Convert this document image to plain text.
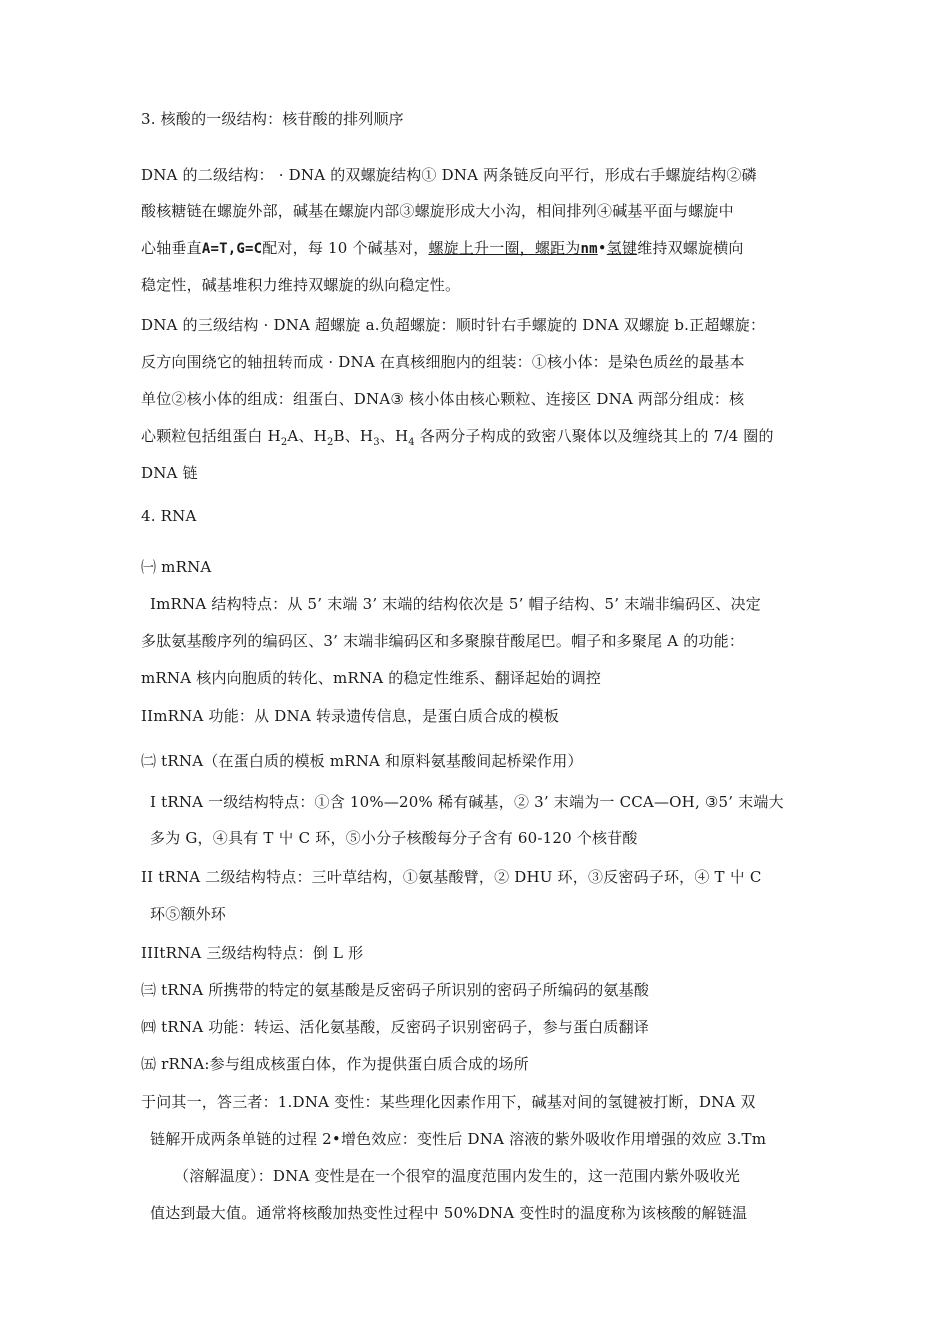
3. 核酸的一级结构：核苷酸的排列顺序
DNA 的二级结构： · DNA 的双螺旋结构① DNA 两条链反向平行，形成右手螺旋结构②磷
酸核糖链在螺旋外部，碱基在螺旋内部③螺旋形成大小沟，相间排列④碱基平面与螺旋中
心轴垂直A=T,G=C配对，每 10 个碱基对，螺旋上升一圈，螺距为nm•氢键维持双螺旋横向
稳定性，碱基堆积力维持双螺旋的纵向稳定性。
DNA 的三级结构 · DNA 超螺旋 a.负超螺旋：顺时针右手螺旋的 DNA 双螺旋 b.正超螺旋：
反方向围绕它的轴扭转而成 · DNA 在真核细胞内的组装：①核小体：是染色质丝的最基本
单位②核小体的组成：组蛋白、DNA③ 核小体由核心颗粒、连接区 DNA 两部分组成：核
心颗粒包括组蛋白 $H_2A$、$H_2B$、$H_3$、$H_4$ 各两分子构成的致密八聚体以及缠绕其上的 7/4 圈的
DNA 链
4. RNA
㈠ mRNA
ⅠmRNA 结构特点：从 5’ 末端 3’ 末端的结构依次是 5’ 帽子结构、5’ 末端非编码区、决定
多肽氨基酸序列的编码区、3’ 末端非编码区和多聚腺苷酸尾巴。帽子和多聚尾 A 的功能：
mRNA 核内向胞质的转化、mRNA 的稳定性维系、翻译起始的调控
IImRNA 功能：从 DNA 转录遗传信息，是蛋白质合成的模板
㈡ tRNA（在蛋白质的模板 mRNA 和原料氨基酸间起桥梁作用）
I tRNA 一级结构特点：①含 10%—20% 稀有碱基，② 3’ 末端为一 CCA—OH, ③5’ 末端大
多为 G，④具有 T 屮 C 环，⑤小分子核酸每分子含有 60-120 个核苷酸
II tRNA 二级结构特点：三叶草结构，①氨基酸臂，② DHU 环，③反密码子环，④ T 屮 C
环⑤额外环
IIItRNA 三级结构特点：倒 L 形
㈢ tRNA 所携带的特定的氨基酸是反密码子所识别的密码子所编码的氨基酸
㈣ tRNA 功能：转运、活化氨基酸，反密码子识别密码子，参与蛋白质翻译
㈤ rRNA:参与组成核蛋白体，作为提供蛋白质合成的场所
于问其一，答三者：1.DNA 变性：某些理化因素作用下，碱基对间的氢键被打断，DNA 双
链解开成两条单链的过程 2•增色效应：变性后 DNA 溶液的紫外吸收作用增强的效应 3.Tm
（溶解温度）：DNA 变性是在一个很窄的温度范围内发生的，这一范围内紫外吸收光
值达到最大值。通常将核酸加热变性过程中 50%DNA 变性时的温度称为该核酸的解链温
